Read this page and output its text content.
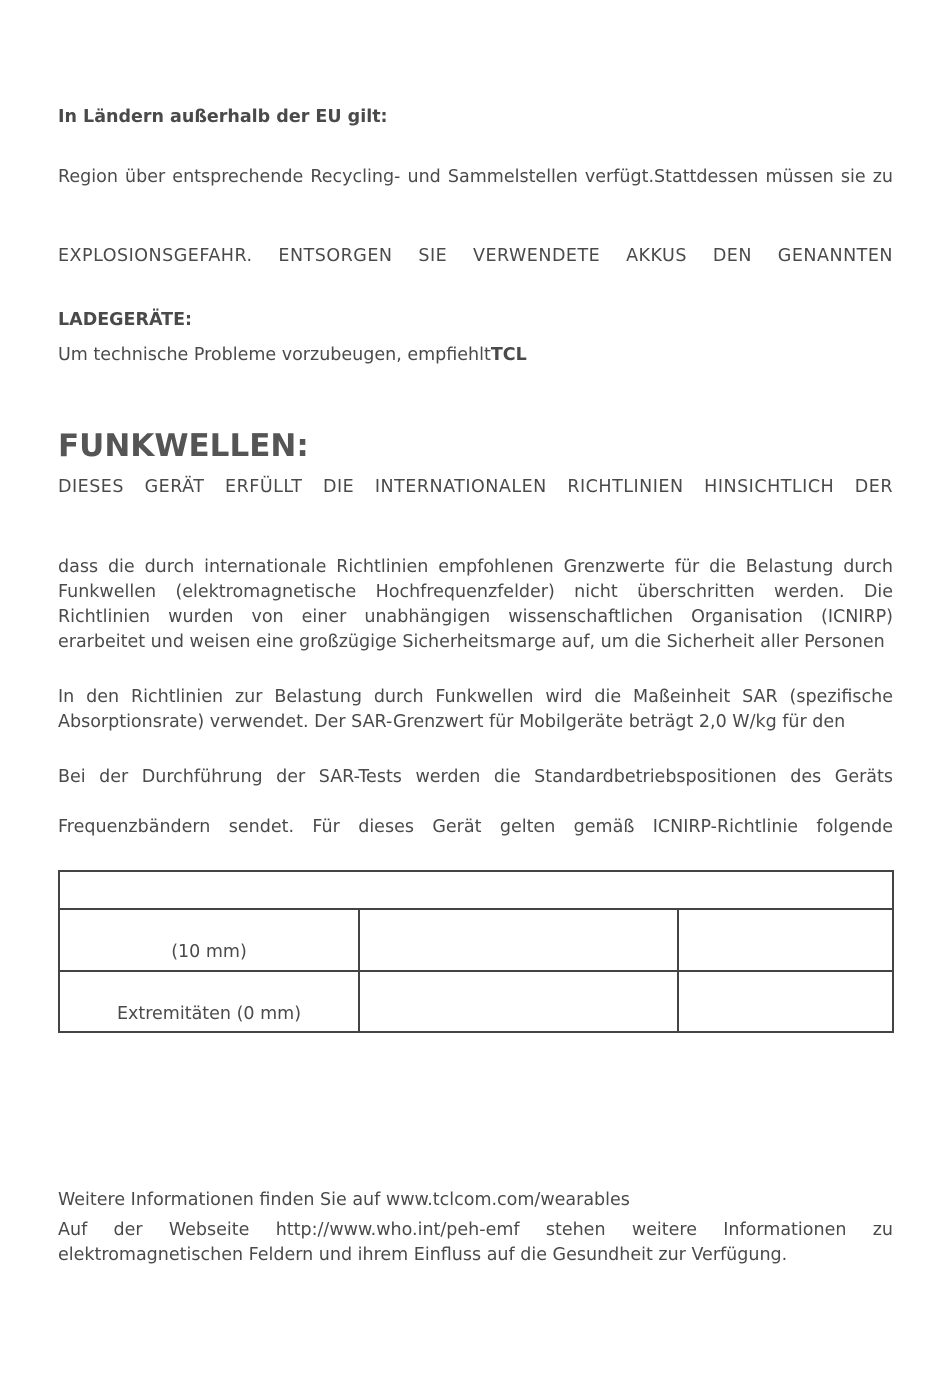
In Ländern außerhalb der EU gilt:
Region über entsprechende Recycling- und Sammelstellen verfügt.Stattdessen müssen sie zu
EXPLOSIONSGEFAHR. ENTSORGEN SIE VERWENDETE AKKUS DEN GENANNTEN
LADEGERÄTE:
Um technische Probleme vorzubeugen, empfiehltTCL
FUNKWELLEN:
DIESES GERÄT ERFÜLLT DIE INTERNATIONALEN RICHTLINIEN HINSICHTLICH DER
dass die durch internationale Richtlinien empfohlenen Grenzwerte für die Belastung durch Funkwellen (elektromagnetische Hochfrequenzfelder) nicht überschritten werden. Die Richtlinien wurden von einer unabhängigen wissenschaftlichen Organisation (ICNIRP) erarbeitet und weisen eine großzügige Sicherheitsmarge auf, um die Sicherheit aller Personen
In den Richtlinien zur Belastung durch Funkwellen wird die Maßeinheit SAR (spezifische Absorptionsrate) verwendet. Der SAR-Grenzwert für Mobilgeräte beträgt 2,0 W/kg für den
Bei der Durchführung der SAR-Tests werden die Standardbetriebspositionen des Geräts
Frequenzbändern sendet. Für dieses Gerät gelten gemäß ICNIRP-Richtlinie folgende
(10 mm)
Extremitäten (0 mm)
Weitere Informationen finden Sie auf www.tclcom.com/wearables
Auf der Webseite http://www.who.int/peh-emf stehen weitere Informationen zu elektromagnetischen Feldern und ihrem Einfluss auf die Gesundheit zur Verfügung.
